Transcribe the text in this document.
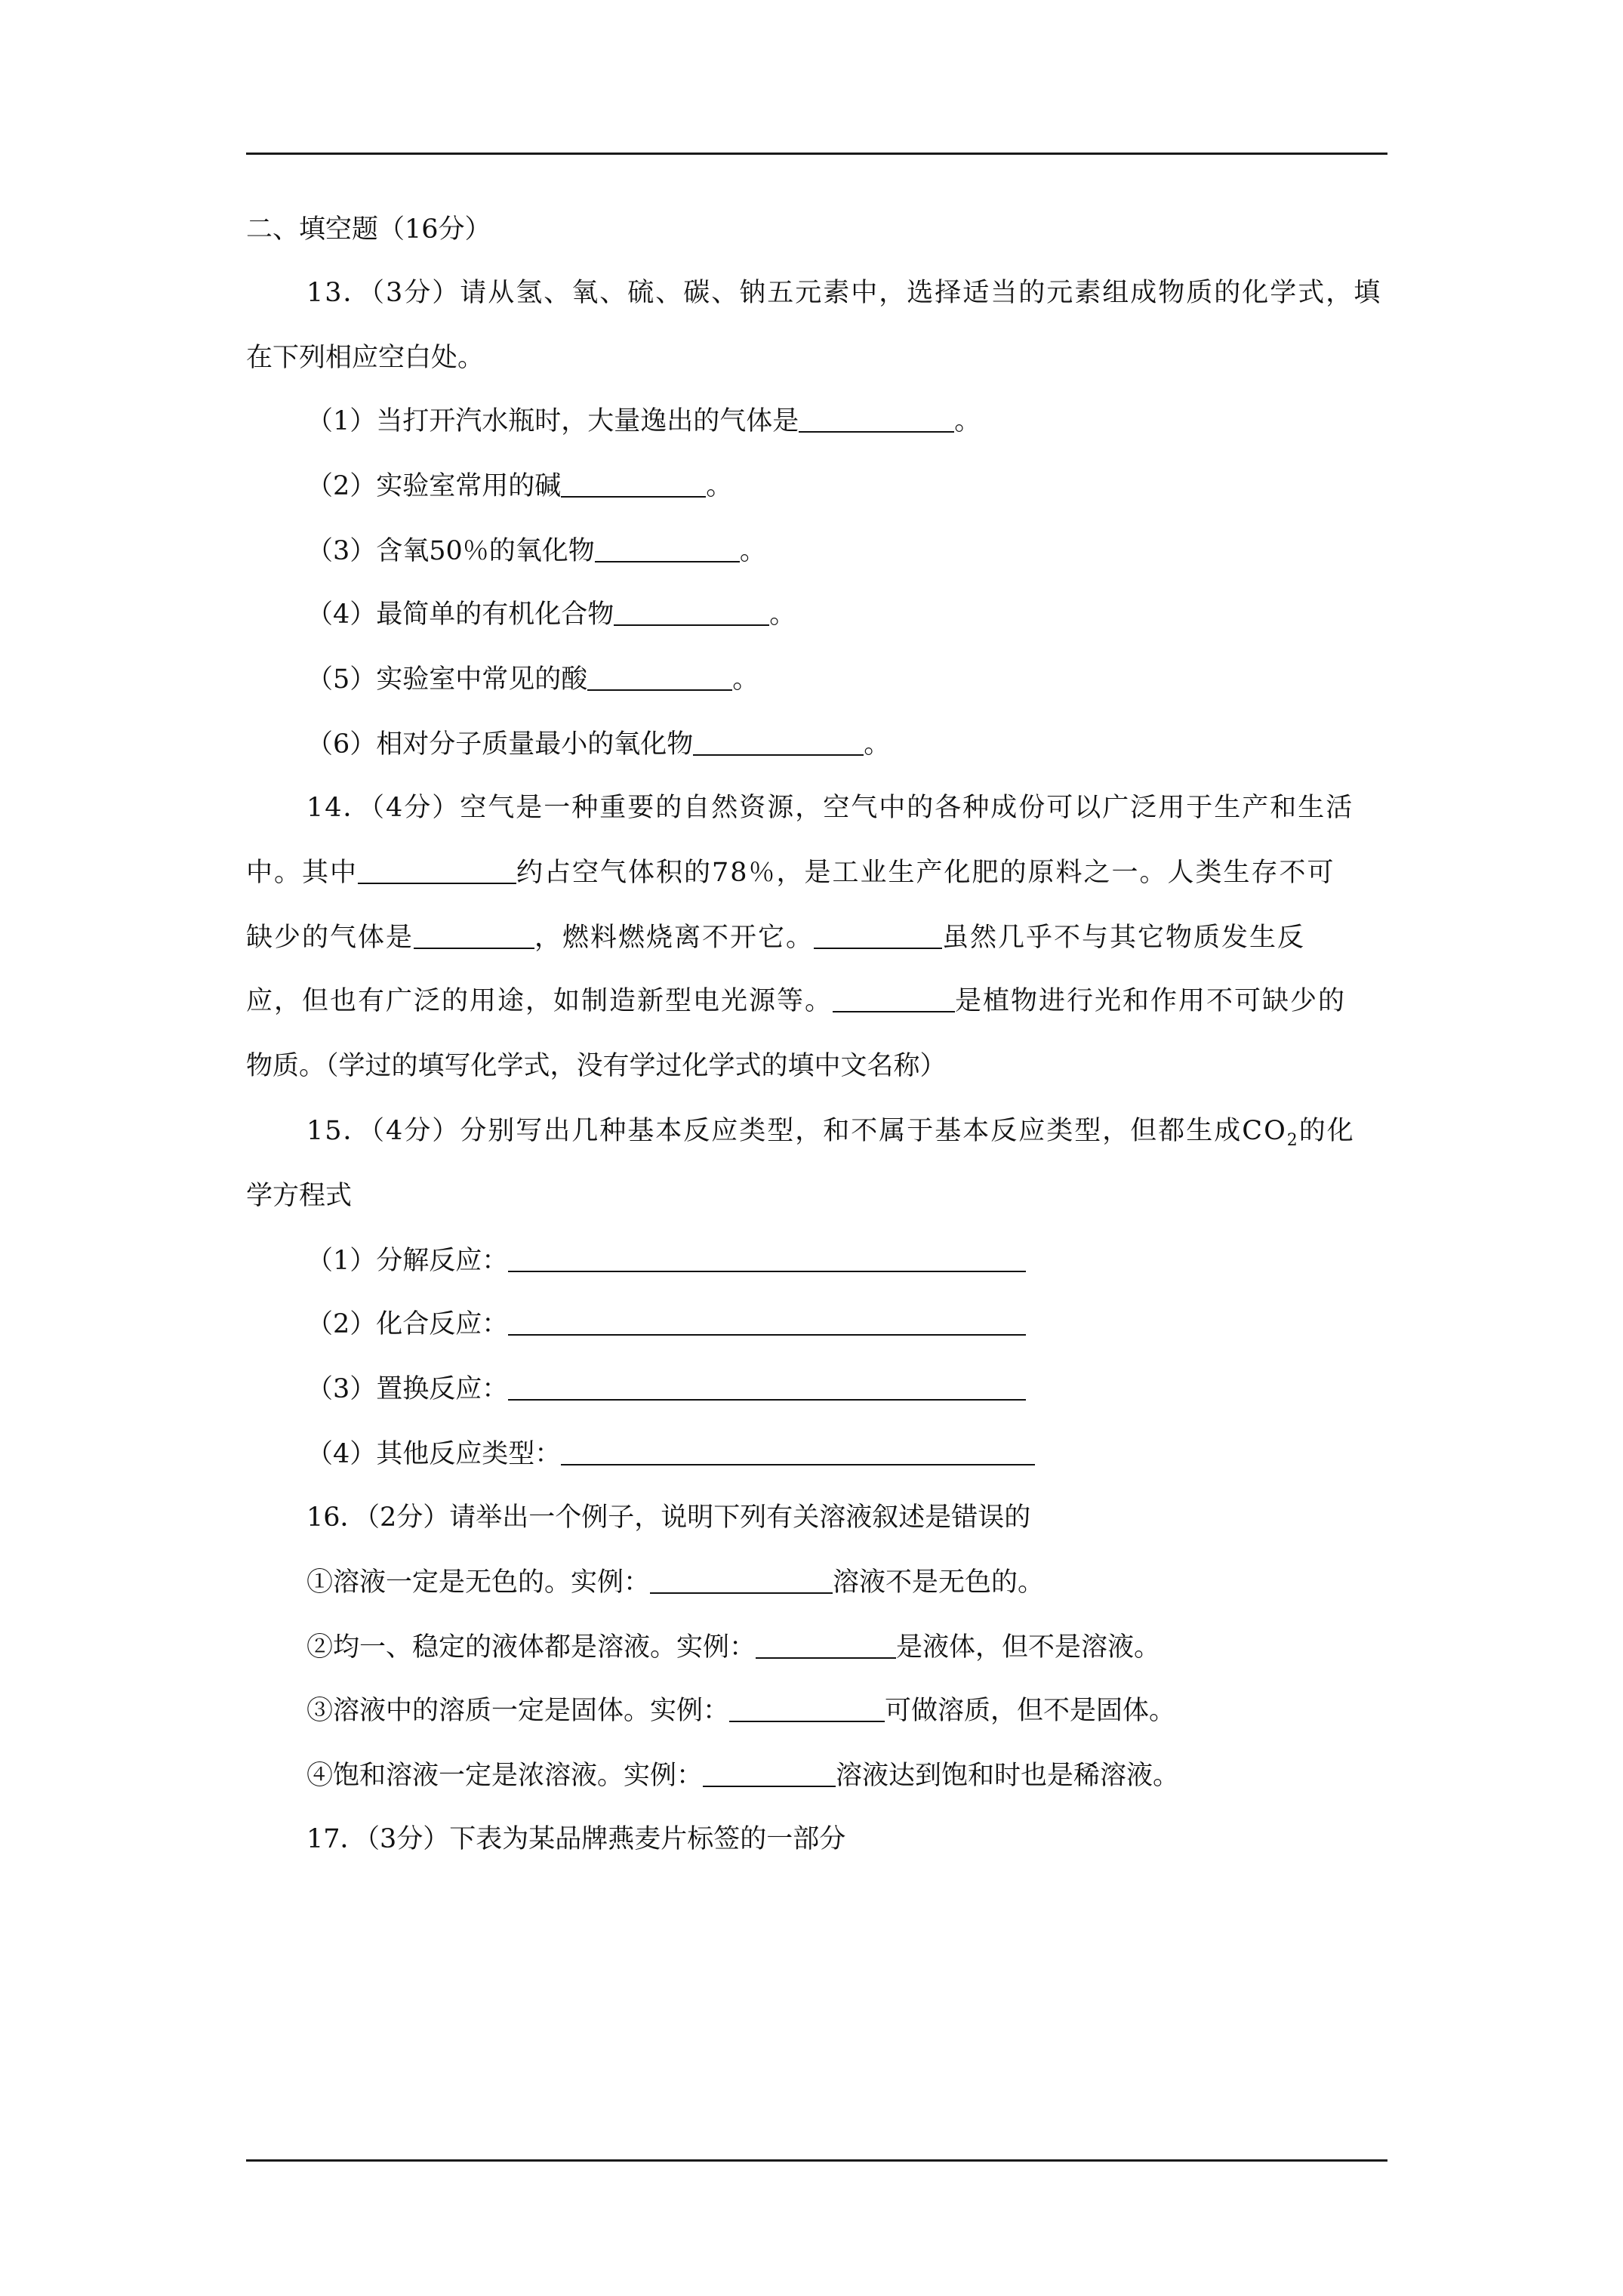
二、填空题（16分）
13．（3分）请从氢、氧、硫、碳、钠五元素中，选择适当的元素组成物质的化学式，填
在下列相应空白处。
（1）当打开汽水瓶时，大量逸出的气体是	。
（2）实验室常用的碱	。
（3）含氧50％的氧化物	。
（4）最简单的有机化合物	。
（5）实验室中常见的酸	。
（6）相对分子质量最小的氧化物	。
14．（4分）空气是一种重要的自然资源，空气中的各种成份可以广泛用于生产和生活
中。其中	约占空气体积的78％，是工业生产化肥的原料之一。人类生存不可
缺少的气体是	，燃料燃烧离不开它。	虽然几乎不与其它物质发生反
应，但也有广泛的用途，如制造新型电光源等。	是植物进行光和作用不可缺少的
物质。（学过的填写化学式，没有学过化学式的填中文名称）
15．（4分）分别写出几种基本反应类型，和不属于基本反应类型，但都生成$CO_2$的化
学方程式
（1）分解反应：
（2）化合反应：
（3）置换反应：
（4）其他反应类型：
16．（2分）请举出一个例子，说明下列有关溶液叙述是错误的
①溶液一定是无色的。实例：	溶液不是无色的。
②均一、稳定的液体都是溶液。实例：	是液体，但不是溶液。
③溶液中的溶质一定是固体。实例：	可做溶质，但不是固体。
④饱和溶液一定是浓溶液。实例：	溶液达到饱和时也是稀溶液。
17．（3分）下表为某品牌燕麦片标签的一部分
